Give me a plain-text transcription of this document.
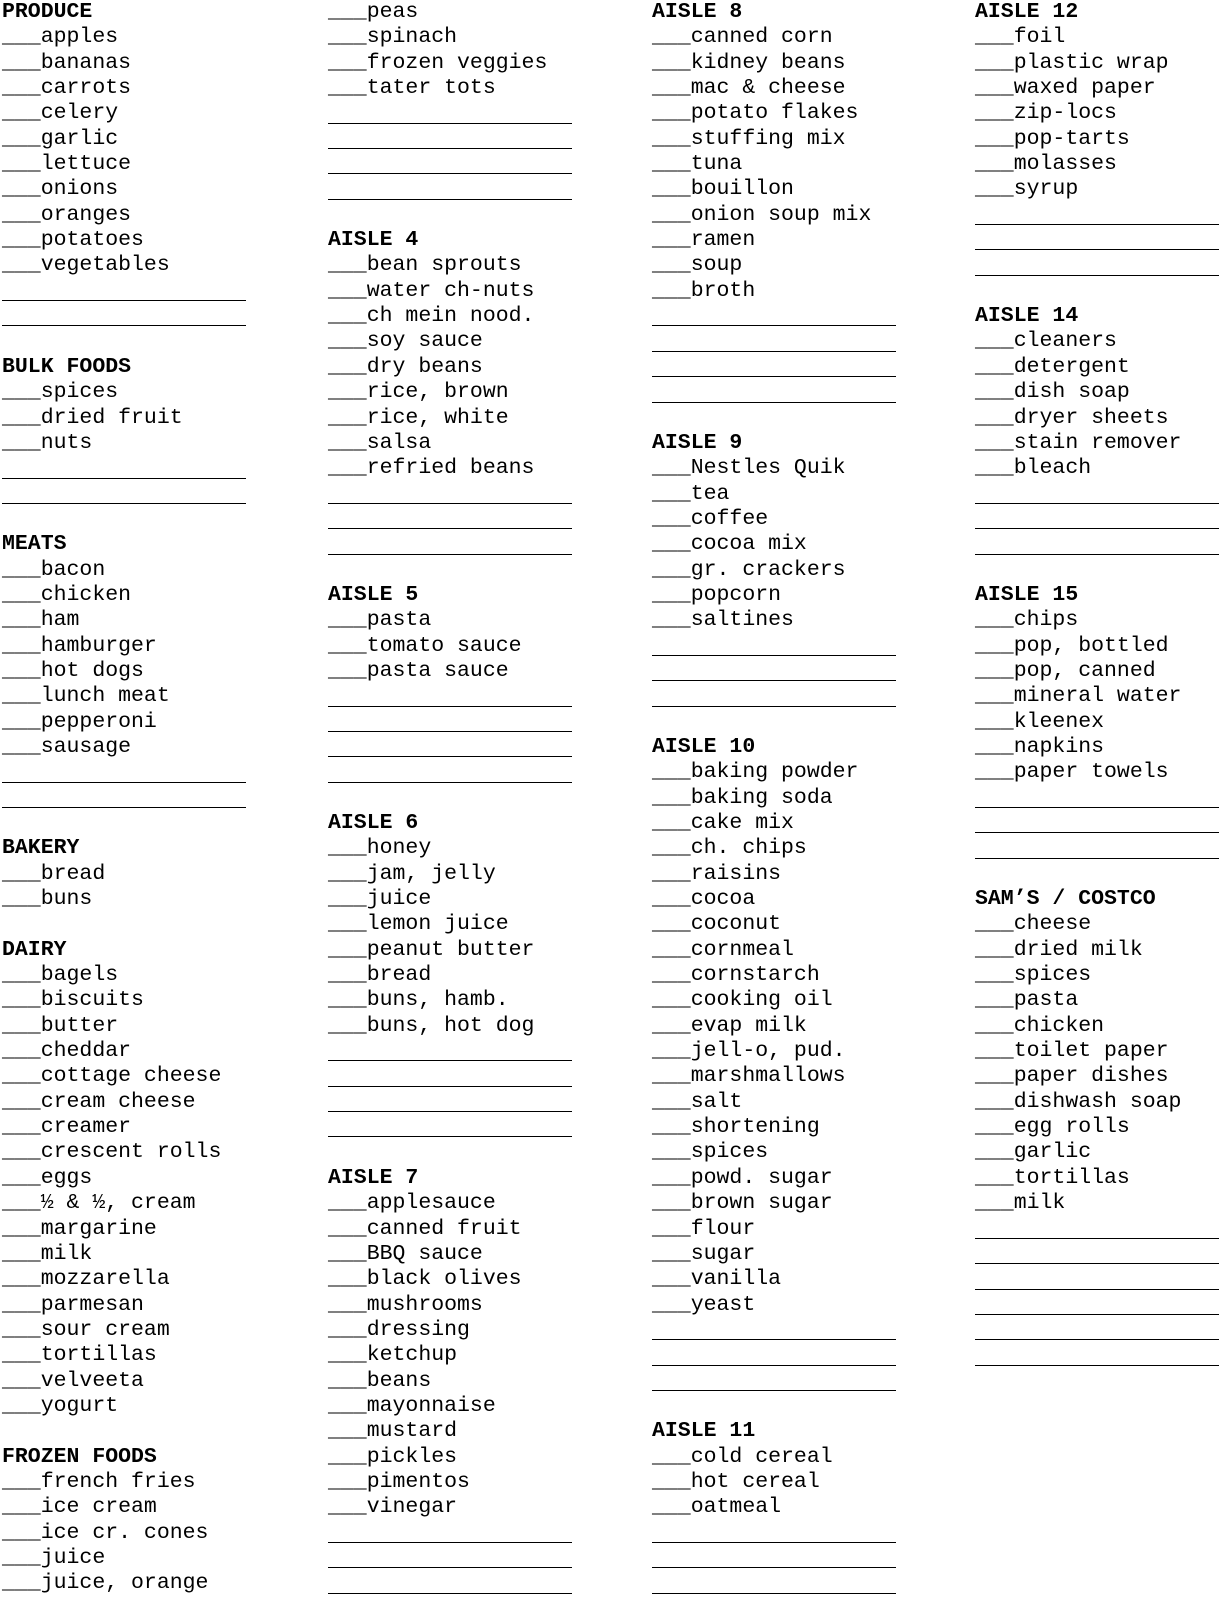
PRODUCE
___apples
___bananas
___carrots
___celery
___garlic
___lettuce
___onions
___oranges
___potatoes
___vegetables
BULK FOODS
___spices
___dried fruit
___nuts
MEATS
___bacon
___chicken
___ham
___hamburger
___hot dogs
___lunch meat
___pepperoni
___sausage
BAKERY
___bread
___buns
DAIRY
___bagels
___biscuits
___butter
___cheddar
___cottage cheese
___cream cheese
___creamer
___crescent rolls
___eggs
___½ & ½, cream
___margarine
___milk
___mozzarella
___parmesan
___sour cream
___tortillas
___velveeta
___yogurt
FROZEN FOODS
___french fries
___ice cream
___ice cr. cones
___juice
___juice, orange
___peas
___spinach
___frozen veggies
___tater tots
AISLE 4
___bean sprouts
___water ch-nuts
___ch mein nood.
___soy sauce
___dry beans
___rice, brown
___rice, white
___salsa
___refried beans
AISLE 5
___pasta
___tomato sauce
___pasta sauce
AISLE 6
___honey
___jam, jelly
___juice
___lemon juice
___peanut butter
___bread
___buns, hamb.
___buns, hot dog
AISLE 7
___applesauce
___canned fruit
___BBQ sauce
___black olives
___mushrooms
___dressing
___ketchup
___beans
___mayonnaise
___mustard
___pickles
___pimentos
___vinegar
AISLE 8
___canned corn
___kidney beans
___mac & cheese
___potato flakes
___stuffing mix
___tuna
___bouillon
___onion soup mix
___ramen
___soup
___broth
AISLE 9
___Nestles Quik
___tea
___coffee
___cocoa mix
___gr. crackers
___popcorn
___saltines
AISLE 10
___baking powder
___baking soda
___cake mix
___ch. chips
___raisins
___cocoa
___coconut
___cornmeal
___cornstarch
___cooking oil
___evap milk
___jell-o, pud.
___marshmallows
___salt
___shortening
___spices
___powd. sugar
___brown sugar
___flour
___sugar
___vanilla
___yeast
AISLE 11
___cold cereal
___hot cereal
___oatmeal
AISLE 12
___foil
___plastic wrap
___waxed paper
___zip-locs
___pop-tarts
___molasses
___syrup
AISLE 14
___cleaners
___detergent
___dish soap
___dryer sheets
___stain remover
___bleach
AISLE 15
___chips
___pop, bottled
___pop, canned
___mineral water
___kleenex
___napkins
___paper towels
SAM’S / COSTCO
___cheese
___dried milk
___spices
___pasta
___chicken
___toilet paper
___paper dishes
___dishwash soap
___egg rolls
___garlic
___tortillas
___milk
